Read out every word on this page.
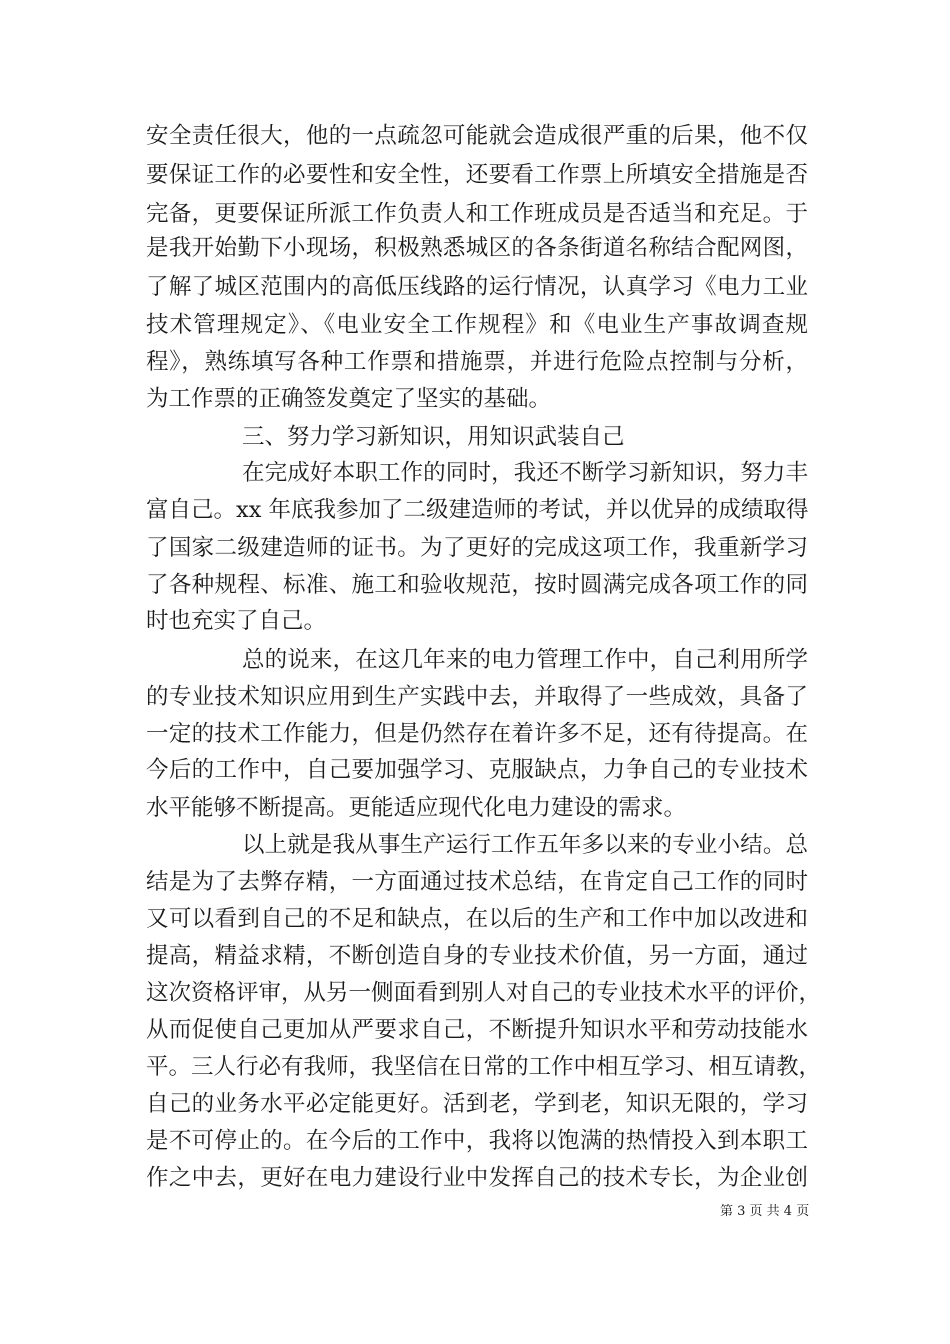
安全责任很大，他的一点疏忽可能就会造成很严重的后果，他不仅
要保证工作的必要性和安全性，还要看工作票上所填安全措施是否
完备，更要保证所派工作负责人和工作班成员是否适当和充足。于
是我开始勤下小现场，积极熟悉城区的各条街道名称结合配网图，
了解了城区范围内的高低压线路的运行情况，认真学习《电力工业
技术管理规定》、《电业安全工作规程》和《电业生产事故调查规
程》，熟练填写各种工作票和措施票，并进行危险点控制与分析，
为工作票的正确签发奠定了坚实的基础。
三、努力学习新知识，用知识武装自己
在完成好本职工作的同时，我还不断学习新知识，努力丰
富自己。xx 年底我参加了二级建造师的考试，并以优异的成绩取得
了国家二级建造师的证书。为了更好的完成这项工作，我重新学习
了各种规程、标准、施工和验收规范，按时圆满完成各项工作的同
时也充实了自己。
总的说来，在这几年来的电力管理工作中，自己利用所学
的专业技术知识应用到生产实践中去，并取得了一些成效，具备了
一定的技术工作能力，但是仍然存在着许多不足，还有待提高。在
今后的工作中，自己要加强学习、克服缺点，力争自己的专业技术
水平能够不断提高。更能适应现代化电力建设的需求。
以上就是我从事生产运行工作五年多以来的专业小结。总
结是为了去弊存精，一方面通过技术总结，在肯定自己工作的同时
又可以看到自己的不足和缺点，在以后的生产和工作中加以改进和
提高，精益求精，不断创造自身的专业技术价值，另一方面，通过
这次资格评审，从另一侧面看到别人对自己的专业技术水平的评价，
从而促使自己更加从严要求自己，不断提升知识水平和劳动技能水
平。三人行必有我师，我坚信在日常的工作中相互学习、相互请教，
自己的业务水平必定能更好。活到老，学到老，知识无限的，学习
是不可停止的。在今后的工作中，我将以饱满的热情投入到本职工
作之中去，更好在电力建设行业中发挥自己的技术专长，为企业创
第 3 页 共 4 页
